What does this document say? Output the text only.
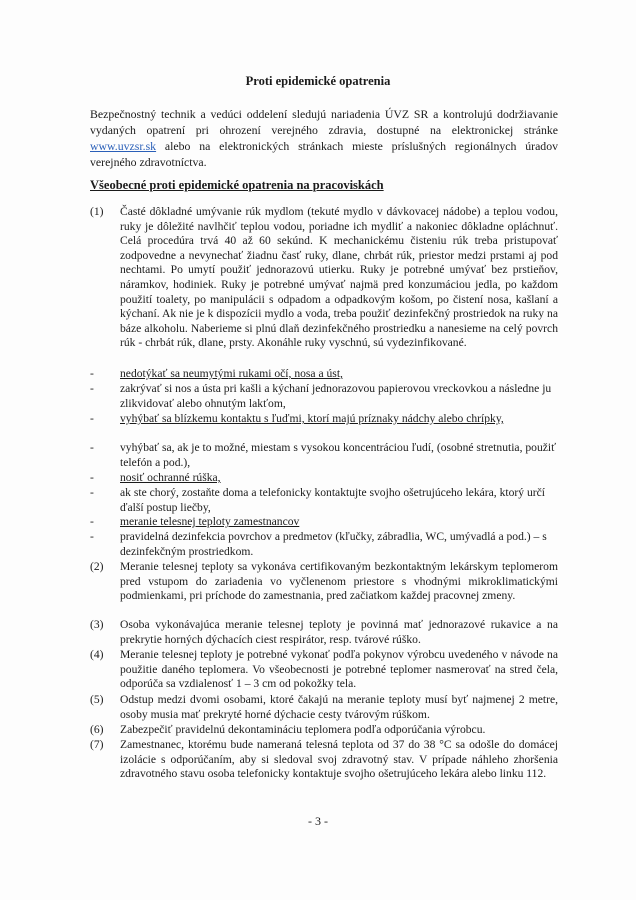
Proti epidemické opatrenia
Bezpečnostný technik a vedúci oddelení sledujú nariadenia ÚVZ SR a kontrolujú dodržiavanie vydaných opatrení pri ohrození verejného zdravia, dostupné na elektronickej stránke www.uvzsr.sk alebo na elektronických stránkach mieste príslušných regionálnych úradov verejného zdravotníctva.
Všeobecné proti epidemické opatrenia na pracoviskách
(1)	Časté dôkladné umývanie rúk mydlom (tekuté mydlo v dávkovacej nádobe) a teplou vodou, ruky je dôležité navlhčiť teplou vodou, poriadne ich mydliť a nakoniec dôkladne opláchnuť. Celá procedúra trvá 40 až 60 sekúnd. K mechanickému čisteniu rúk treba pristupovať zodpovedne a nevynechať žiadnu časť ruky, dlane, chrbát rúk, priestor medzi prstami aj pod nechtami. Po umytí použiť jednorazovú utierku. Ruky je potrebné umývať bez prstieňov, náramkov, hodiniek. Ruky je potrebné umývať najmä pred konzumáciou jedla, po každom použití toalety, po manipulácii s odpadom a odpadkovým košom, po čistení nosa, kašlaní a kýchaní. Ak nie je k dispozícii mydlo a voda, treba použiť dezinfekčný prostriedok na ruky na báze alkoholu. Naberieme si plnú dlaň dezinfekčného prostriedku a nanesieme na celý povrch rúk - chrbát rúk, dlane, prsty. Akonáhle ruky vyschnú, sú vydezinfikované.
- nedotýkať sa neumytými rukami očí, nosa a úst,
- zakrývať si nos a ústa pri kašli a kýchaní jednorazovou papierovou vreckovkou a následne ju zlikvidovať alebo ohnutým lakťom,
- vyhýbať sa blízkemu kontaktu s ľuďmi, ktorí majú príznaky nádchy alebo chrípky,
- vyhýbať sa, ak je to možné, miestam s vysokou koncentráciou ľudí, (osobné stretnutia, použiť telefón a pod.),
- nosiť ochranné rúška,
- ak ste chorý, zostaňte doma a telefonicky kontaktujte svojho ošetrujúceho lekára, ktorý určí ďalší postup liečby,
- meranie telesnej teploty zamestnancov
- pravidelná dezinfekcia povrchov a predmetov (kľučky, zábradlia, WC, umývadlá a pod.) – s dezinfekčným prostriedkom.
(2)	Meranie telesnej teploty sa vykonáva certifikovaným bezkontaktným lekárskym teplomerom pred vstupom do zariadenia vo vyčlenenom priestore s vhodnými mikroklimatickými podmienkami, pri príchode do zamestnania, pred začiatkom každej pracovnej zmeny.
(3)	Osoba vykonávajúca meranie telesnej teploty je povinná mať jednorazové rukavice a na prekrytie horných dýchacích ciest respirátor, resp. tvárové rúško.
(4)	Meranie telesnej teploty je potrebné vykonať podľa pokynov výrobcu uvedeného v návode na použitie daného teplomera. Vo všeobecnosti je potrebné teplomer nasmerovať na stred čela, odporúča sa vzdialenosť 1 – 3 cm od pokožky tela.
(5)	Odstup medzi dvomi osobami, ktoré čakajú na meranie teploty musí byť najmenej 2 metre, osoby musia mať prekryté horné dýchacie cesty tvárovým rúškom.
(6)	Zabezpečiť pravidelnú dekontamináciu teplomera podľa odporúčania výrobcu.
(7)	Zamestnanec, ktorému bude nameraná telesná teplota od 37 do 38 °C sa odošle do domácej izolácie s odporúčaním, aby si sledoval svoj zdravotný stav. V prípade náhleho zhoršenia zdravotného stavu osoba telefonicky kontaktuje svojho ošetrujúceho lekára alebo linku 112.
- 3 -
